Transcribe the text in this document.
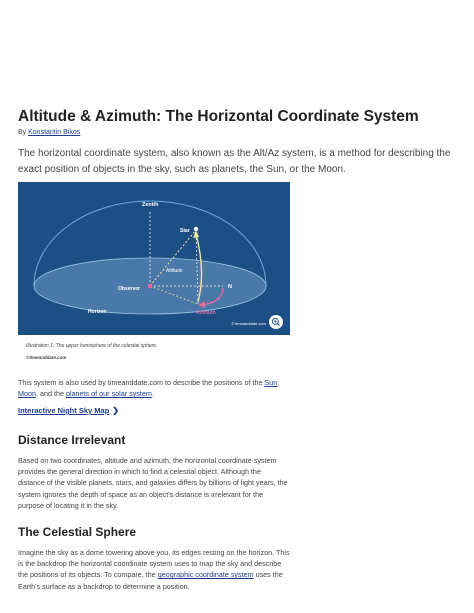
Altitude & Azimuth: The Horizontal Coordinate System
By Konstantin Bikos
The horizontal coordinate system, also known as the Alt/Az system, is a method for describing the exact position of objects in the sky, such as planets, the Sun, or the Moon.
Zenith
Star
Altitude
Observer	N
Horizon	Azimuth
© timeanddate.com
Illustration 1: The upper hemisphere of the celestial sphere.
©timeanddate.com
This system is also used by timeanddate.com to describe the positions of the Sun, Moon, and the planets of our solar system.
Interactive Night Sky Map ❯
Distance Irrelevant
Based on two coordinates, altitude and azimuth, the horizontal coordinate system provides the general direction in which to find a celestial object. Although the distance of the visible planets, stars, and galaxies differs by billions of light years, the system ignores the depth of space as an object's distance is irrelevant for the purpose of locating it in the sky.
The Celestial Sphere
Imagine the sky as a dome towering above you, its edges resting on the horizon. This is the backdrop the horizontal coordinate system uses to map the sky and describe the positions of its objects. To compare, the geographic coordinate system uses the Earth's surface as a backdrop to determine a position.
